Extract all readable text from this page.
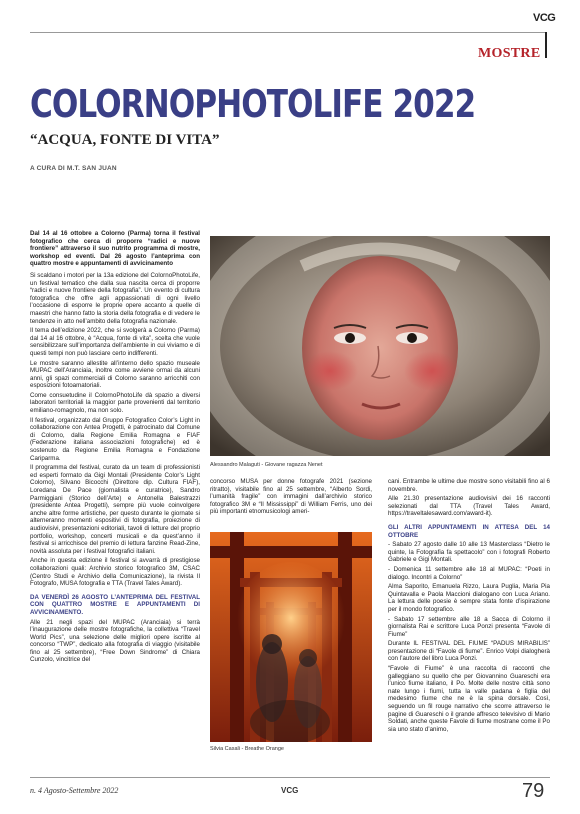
VCG
MOSTRE
COLORNOPHOTOLIFE 2022
“ACQUA, FONTE DI VITA”
A CURA DI M.T. SAN JUAN

Dal 14 al 16 ottobre a Colorno (Parma) torna il festival fotografico che cerca di proporre “radici e nuove frontiere” attraverso il suo nutrito programma di mostre, workshop ed eventi. Dal 26 agosto l’anteprima con quattro mostre e appuntamenti di avvicinamento

Si scaldano i motori per la 13a edizione del ColornoPhotoLife, un festival tematico che dalla sua nascita cerca di proporre “radici e nuove frontiere della fotografia”. Un evento di cultura fotografica che offre agli appassionati di ogni livello l’occasione di esporre le proprie opere accanto a quelle di maestri che hanno fatto la storia della fotografia e di vedere le tendenze in atto nell’ambito della fotografia nazionale.

Il tema dell’edizione 2022, che si svolgerà a Colorno (Parma) dal 14 al 16 ottobre, è “Acqua, fonte di vita”, scelta che vuole sensibilizzare sull’importanza dell’ambiente in cui viviamo e di questi tempi non può lasciare certo indifferenti.

Le mostre saranno allestite all’interno dello spazio museale MUPAC dell’Aranciaia, inoltre come avviene ormai da alcuni anni, gli spazi commerciali di Colorno saranno arricchiti con esposizioni fotoamatoriali.

Come consuetudine il ColornoPhotoLife dà spazio a diversi laboratori territoriali la maggior parte provenienti dal territorio emiliano-romagnolo, ma non solo.

Il festival, organizzato dal Gruppo Fotografico Color’s Light in collaborazione con Antea Progetti, è patrocinato dal Comune di Colorno, dalla Regione Emilia Romagna e FIAF (Federazione italiana associazioni fotografiche) ed è sostenuto da Regione Emilia Romagna e Fondazione Cariparma.

Il programma del festival, curato da un team di professionisti ed esperti formato da Gigi Montali (Presidente Color’s Light Colorno), Silvano Bicocchi (Direttore dip. Cultura FIAF), Loredana De Pace (giornalista e curatrice), Sandro Parmiggiani (Storico dell’Arte) e Antonella Balestrazzi (presidente Antea Progetti), sempre più vuole coinvolgere anche altre forme artistiche, per questo durante le giornate si alterneranno momenti espositivi di fotografia, proiezione di audiovisivi, presentazioni editoriali, tavoli di letture del proprio portfolio, workshop, concerti musicali e da quest’anno il festival si arricchisce del premio di lettura fanzine Read-Zine, novità assoluta per i festival fotografici italiani.

Anche in questa edizione il festival si avvarrà di prestigiose collaborazioni quali: Archivio storico fotografico 3M, CSAC (Centro Studi e Archivio della Comunicazione), la rivista Il Fotografo, MUSA fotografia e TTA (Travel Tales Award).

DA VENERDÌ 26 AGOSTO L’ANTEPRIMA DEL FESTIVAL CON QUATTRO MOSTRE E APPUNTAMENTI DI AVVICINAMENTO.

Alle 21 negli spazi del MUPAC (Aranciaia) si terrà l’inaugurazione delle mostre fotografiche, la collettiva “Travel World Pics”, una selezione delle migliori opere iscritte al concorso “TWP”, dedicato alla fotografia di viaggio (visitabile fino al 25 settembre), “Free Down Sindrome” di Chiara Cunzolo, vincitrice del

Alessandro Malaguti - Giovane ragazza Nenet

concorso MUSA per donne fotografe 2021 (sezione ritratto), visitabile fino al 25 settembre, “Alberto Sordi, l’umanità fragile” con immagini dall’archivio storico fotografico 3M e “Il Mississippi” di William Ferris, uno dei più importanti etnomusicologi ameri-

Silvia Casali - Breathe Orange

cani. Entrambe le ultime due mostre sono visitabili fino al 6 novembre.

Alle 21.30 presentazione audiovisivi dei 16 racconti selezionati dal TTA (Travel Tales Award, https://traveltalesaward.com/award-it).

GLI ALTRI APPUNTAMENTI IN ATTESA DEL 14 OTTOBRE

- Sabato 27 agosto dalle 10 alle 13 Masterclass “Dietro le quinte, la Fotografia fa spettacolo” con i fotografi Roberto Gabriele e Gigi Montali.

- Domenica 11 settembre alle 18 al MUPAC: “Poeti in dialogo. Incontri a Colorno”

Alma Saporito, Emanuela Rizzo, Laura Puglia, Maria Pia Quintavalla e Paola Maccioni dialogano con Luca Ariano. La lettura delle poesie è sempre stata fonte d’ispirazione per il mondo fotografico.

- Sabato 17 settembre alle 18 a Sacca di Colorno il giornalista Rai e scrittore Luca Ponzi presenta “Favole di Fiume”

Durante IL FESTIVAL DEL FIUME “PADUS MIRABILIS” presentazione di “Favole di fiume”. Enrico Volpi dialogherà con l’autore del libro Luca Ponzi.

“Favole di Fiume” è una raccolta di racconti che galleggiano su quello che per Giovannino Guareschi era l’unico fiume italiano, il Po. Molte delle nostre città sono nate lungo i fiumi, tutta la valle padana è figlia del medesimo fiume che ne è la spina dorsale. Così, seguendo un fil rouge narrativo che scorre attraverso le pagine di Guareschi o il grande affresco televisivo di Mario Soldati, anche queste Favole di fiume mostrane come il Po sia uno stato d’animo,

n. 4 Agosto-Settembre 2022	VCG	79
